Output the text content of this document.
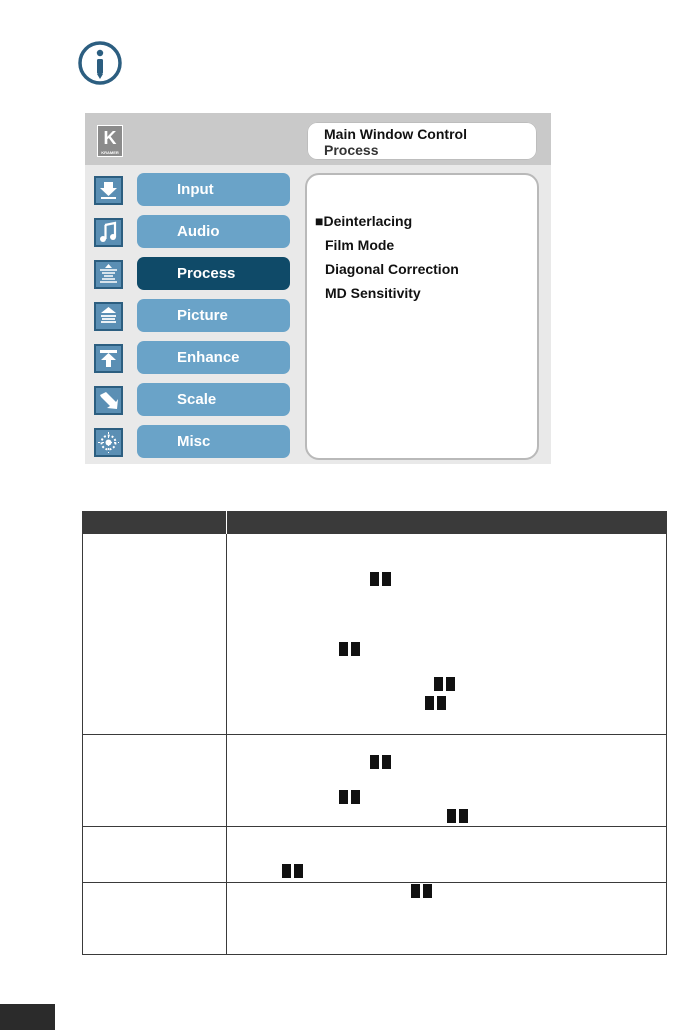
K
KRAMER
Main Window Control
Process
Input
Audio
Process
Picture
Enhance
Scale
Misc
■Deinterlacing
Film Mode
Diagonal Correction
MD Sensitivity
